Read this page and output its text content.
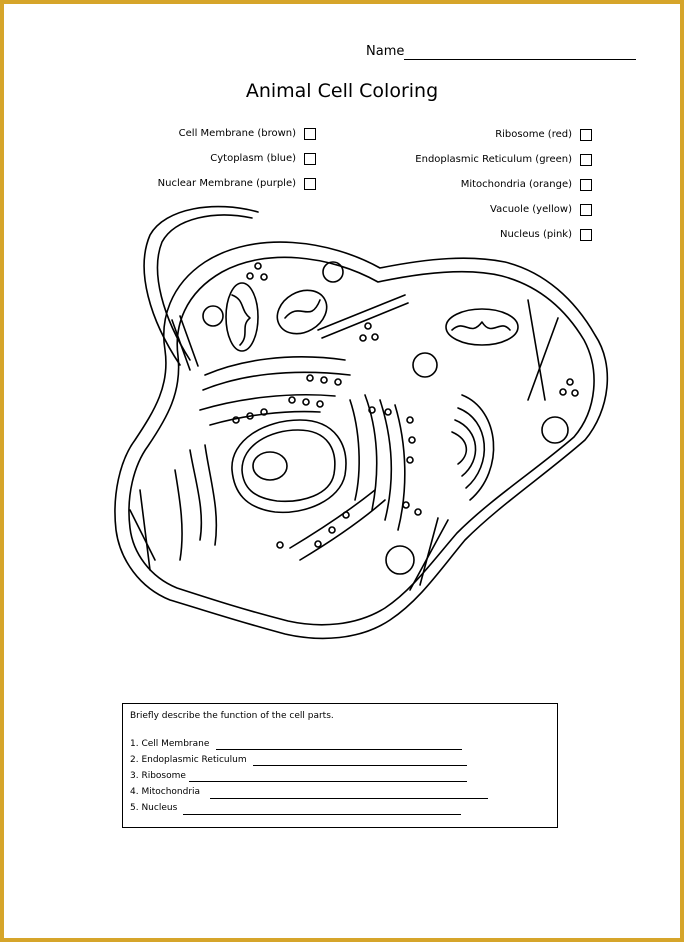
Name
Animal Cell Coloring
Cell Membrane (brown)
Cytoplasm (blue)
Nuclear Membrane (purple)
Ribosome (red)
Endoplasmic Reticulum (green)
Mitochondria (orange)
Vacuole (yellow)
Nucleus (pink)
Briefly describe the function of the cell parts.
1. Cell Membrane
2. Endoplasmic Reticulum
3. Ribosome
4. Mitochondria
5. Nucleus
